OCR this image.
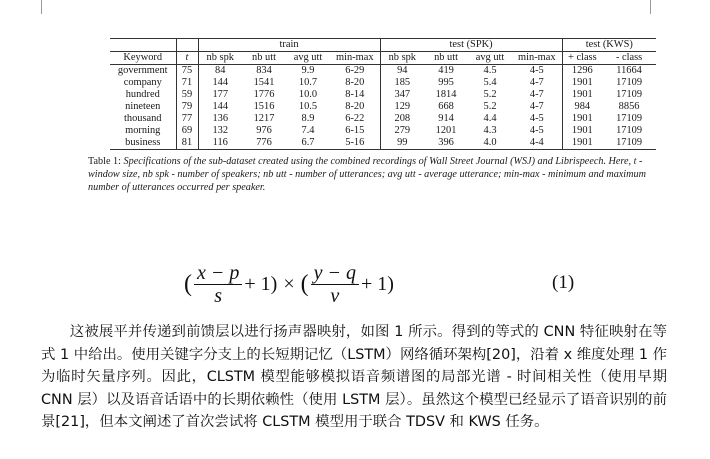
		train				test (SPK)				test (KWS)	
Keyword	t	nb spk	nb utt	avg utt	min-max	nb spk	nb utt	avg utt	min-max	+ class	- class
government	75	84	834	9.9	6-29	94	419	4.5	4-5	1296	11664
company	71	144	1541	10.7	8-20	185	995	5.4	4-7	1901	17109
hundred	59	177	1776	10.0	8-14	347	1814	5.2	4-7	1901	17109
nineteen	79	144	1516	10.5	8-20	129	668	5.2	4-7	984	8856
thousand	77	136	1217	8.9	6-22	208	914	4.4	4-5	1901	17109
morning	69	132	976	7.4	6-15	279	1201	4.3	4-5	1901	17109
business	81	116	776	6.7	5-16	99	396	4.0	4-4	1901	17109
Table 1: Specifications of the sub-dataset created using the combined recordings of Wall Street Journal (WSJ) and Librispeech. Here, t - window size, nb spk - number of speakers; nb utt - number of utterances; avg utt - average utterance; min-max - minimum and maximum number of utterances occurred per speaker.
( $\frac{x - p}{s} + 1$) × ( $\frac{y - q}{v} + 1$)	(1)
这被展平并传递到前馈层以进行扬声器映射，如图 1 所示。得到的等式的 CNN 特征映射在等式 1 中给出。使用关键字分支上的长短期记忆（LSTM）网络循环架构[20]，沿着 x 维度处理 1 作为临时矢量序列。因此，CLSTM 模型能够模拟语音频谱图的局部光谱 - 时间相关性（使用早期 CNN 层）以及语音话语中的长期依赖性（使用 LSTM 层）。虽然这个模型已经显示了语音识别的前景[21]，但本文阐述了首次尝试将 CLSTM 模型用于联合 TDSV 和 KWS 任务。
